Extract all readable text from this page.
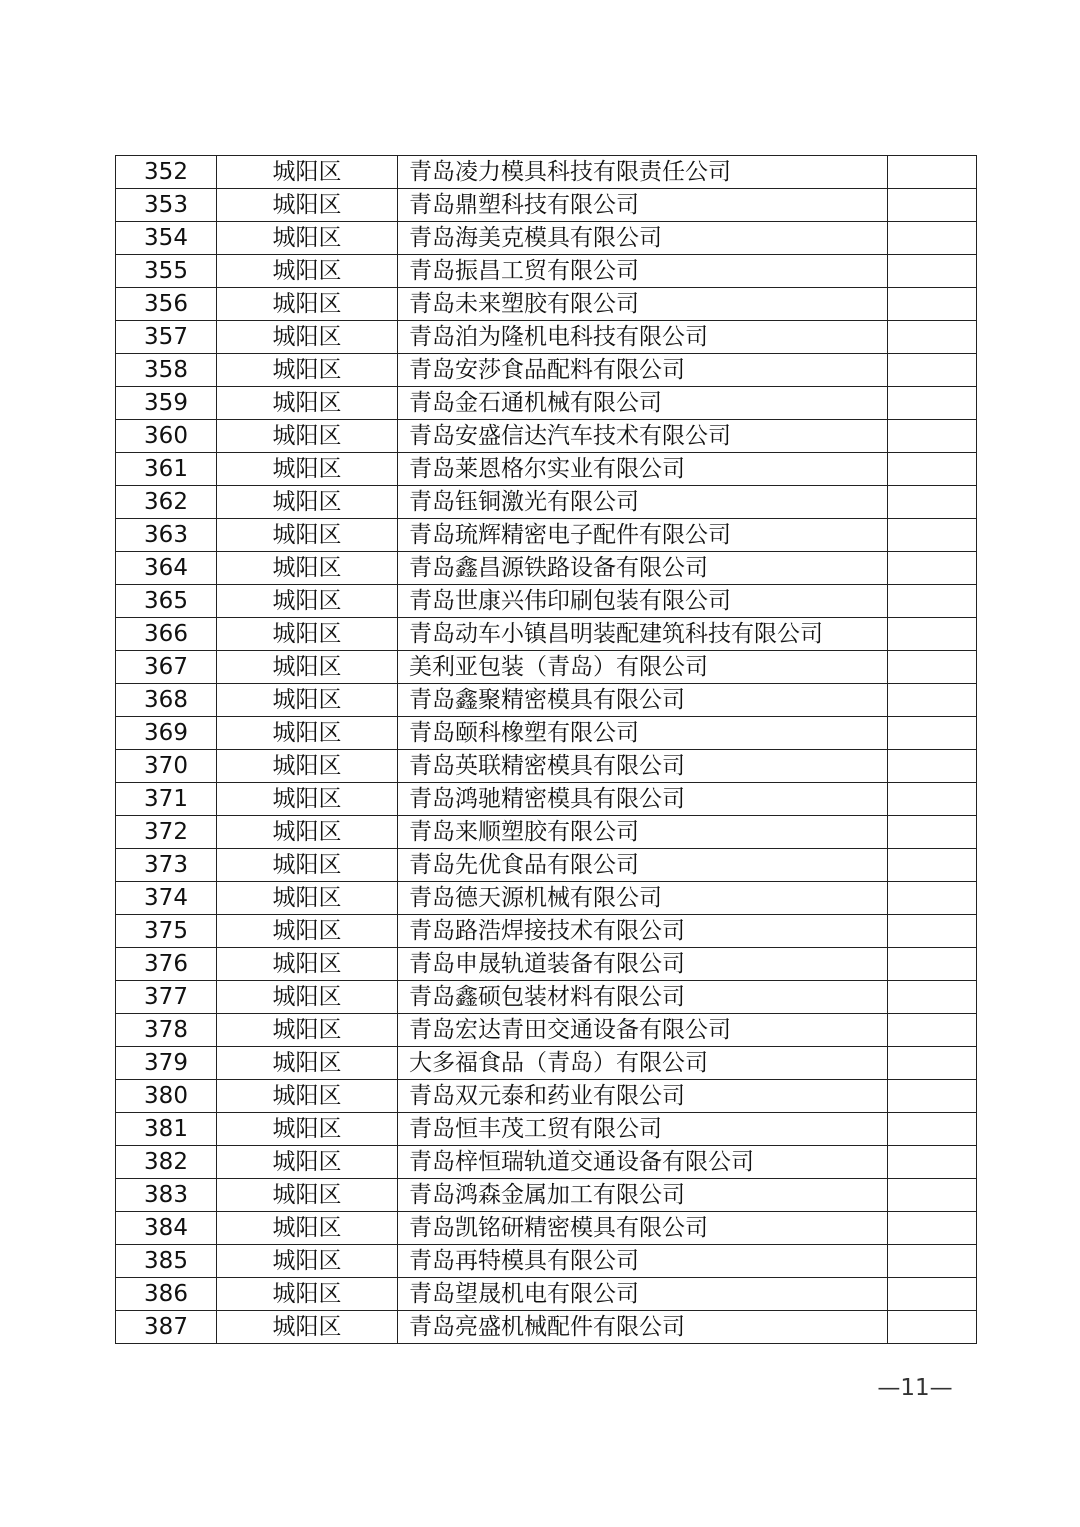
352	城阳区	青岛凌力模具科技有限责任公司	
353	城阳区	青岛鼎塑科技有限公司	
354	城阳区	青岛海美克模具有限公司	
355	城阳区	青岛振昌工贸有限公司	
356	城阳区	青岛未来塑胶有限公司	
357	城阳区	青岛泊为隆机电科技有限公司	
358	城阳区	青岛安莎食品配料有限公司	
359	城阳区	青岛金石通机械有限公司	
360	城阳区	青岛安盛信达汽车技术有限公司	
361	城阳区	青岛莱恩格尔实业有限公司	
362	城阳区	青岛钰铜激光有限公司	
363	城阳区	青岛琉辉精密电子配件有限公司	
364	城阳区	青岛鑫昌源铁路设备有限公司	
365	城阳区	青岛世康兴伟印刷包装有限公司	
366	城阳区	青岛动车小镇昌明装配建筑科技有限公司	
367	城阳区	美利亚包装（青岛）有限公司	
368	城阳区	青岛鑫聚精密模具有限公司	
369	城阳区	青岛颐科橡塑有限公司	
370	城阳区	青岛英联精密模具有限公司	
371	城阳区	青岛鸿驰精密模具有限公司	
372	城阳区	青岛来顺塑胶有限公司	
373	城阳区	青岛先优食品有限公司	
374	城阳区	青岛德天源机械有限公司	
375	城阳区	青岛路浩焊接技术有限公司	
376	城阳区	青岛申晟轨道装备有限公司	
377	城阳区	青岛鑫硕包装材料有限公司	
378	城阳区	青岛宏达青田交通设备有限公司	
379	城阳区	大多福食品（青岛）有限公司	
380	城阳区	青岛双元泰和药业有限公司	
381	城阳区	青岛恒丰茂工贸有限公司	
382	城阳区	青岛梓恒瑞轨道交通设备有限公司	
383	城阳区	青岛鸿森金属加工有限公司	
384	城阳区	青岛凯铭研精密模具有限公司	
385	城阳区	青岛再特模具有限公司	
386	城阳区	青岛望晟机电有限公司	
387	城阳区	青岛亮盛机械配件有限公司	
—11—
